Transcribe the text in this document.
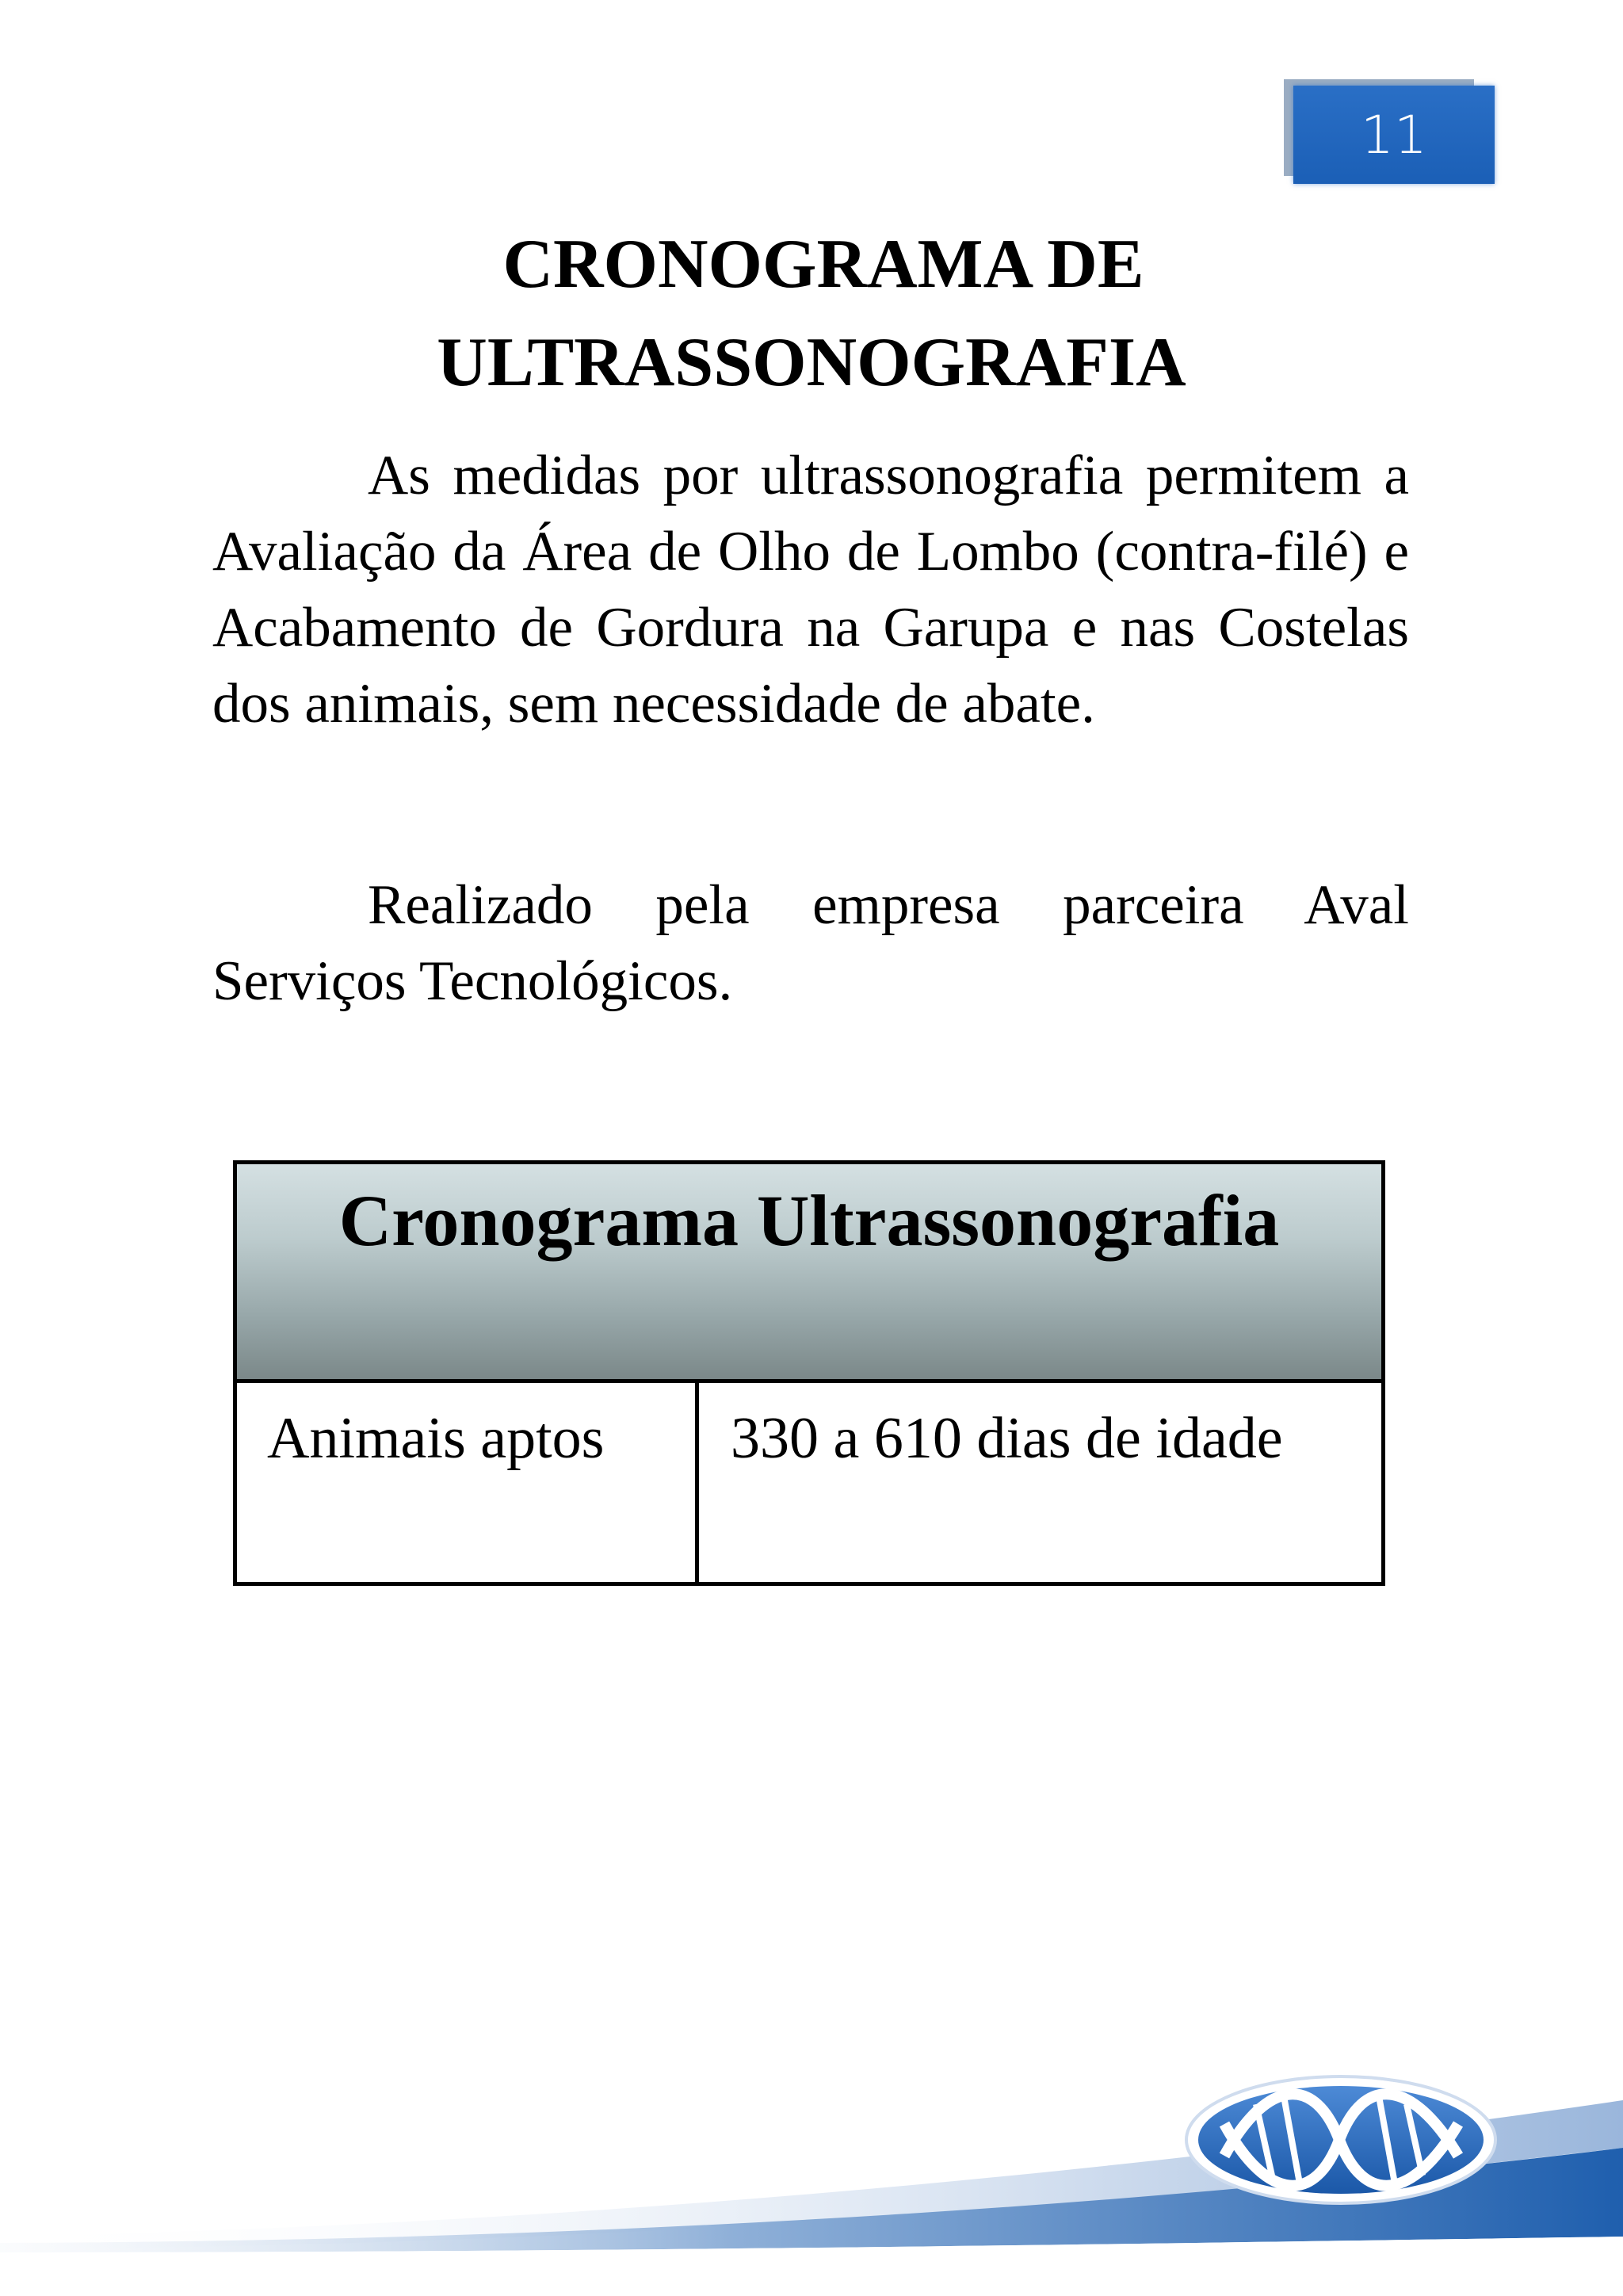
11
CRONOGRAMA DE
ULTRASSONOGRAFIA

As medidas por ultrassonografia permitem a Avaliação da Área de Olho de Lombo (contra-filé) e Acabamento de Gordura na Garupa e nas Costelas dos animais, sem necessidade de abate.

Realizado pela empresa parceira Aval Serviços Tecnológicos.

Cronograma Ultrassonografia
Animais aptos	330 a 610 dias de idade
